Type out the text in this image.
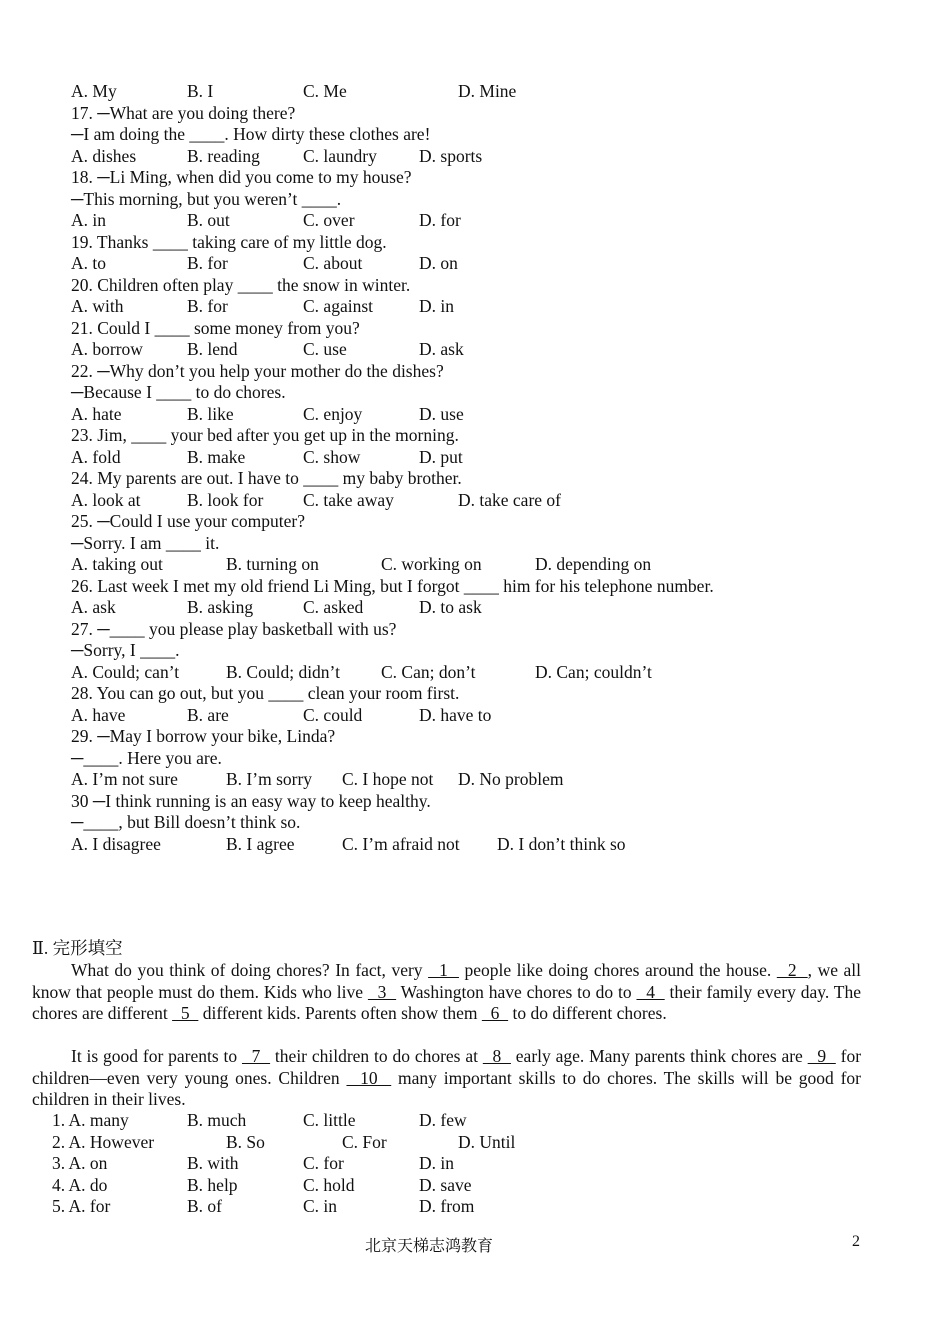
A. My	B. I	C. Me	D. Mine
17. ─What are you doing there?
─I am doing the ____. How dirty these clothes are!
A. dishes	B. reading C. laundry D. sports
18. ─Li Ming, when did you come to my house?
─This morning, but you weren’t ____.
A. in	B. out	C. over	D. for
19. Thanks ____ taking care of my little dog.
A. to	B. for	C. about	D. on
20. Children often play ____ the snow in winter.
A. with	B. for	C. against	D. in
21. Could I ____ some money from you?
A. borrow	B. lend	C. use	D. ask
22. ─Why don’t you help your mother do the dishes?
─Because I ____ to do chores.
A. hate	B. like	C. enjoy	D. use
23. Jim, ____ your bed after you get up in the morning.
A. fold	B. make	C. show	D. put
24. My parents are out. I have to ____ my baby brother.
A. look at	B. look for C. take away	D. take care of
25. ─Could I use your computer?
─Sorry. I am ____ it.
A. taking out	B. turning on	C. working on	D. depending on
26. Last week I met my old friend Li Ming, but I forgot ____ him for his telephone number.
A. ask	B. asking	C. asked	D. to ask
27. ─____ you please play basketball with us?
─Sorry, I ____.
A. Could; can’t	B. Could; didn’t C. Can; don’t	D. Can; couldn’t
28. You can go out, but you ____ clean your room first.
A. have	B. are	C. could	D. have to
29. ─May I borrow your bike, Linda?
─____. Here you are.
A. I’m not sure	B. I’m sorry C. I hope not D. No problem
30 ─I think running is an easy way to keep healthy.
─____, but Bill doesn’t think so.
A. I disagree	B. I agree	C. I’m afraid not D. I don’t think so
Ⅱ. 完形填空
What do you think of doing chores? In fact, very   1   people like doing chores around the house.   2  , we all know that people must do them. Kids who live   3   Washington have chores to do to   4   their family every day. The chores are different   5   different kids. Parents often show them   6   to do different chores.
It is good for parents to   7   their children to do chores at   8   early age. Many parents think chores are   9   for children—even very young ones. Children   10   many important skills to do chores. The skills will be good for children in their lives.
1. A. many	B. much	C. little	D. few
2. A. However	B. So	C. For	D. Until
3. A. on	B. with	C. for	D. in
4. A. do	B. help	C. hold	D. save
5. A. for	B. of	C. in	D. from
北京天梯志鸿教育	2
